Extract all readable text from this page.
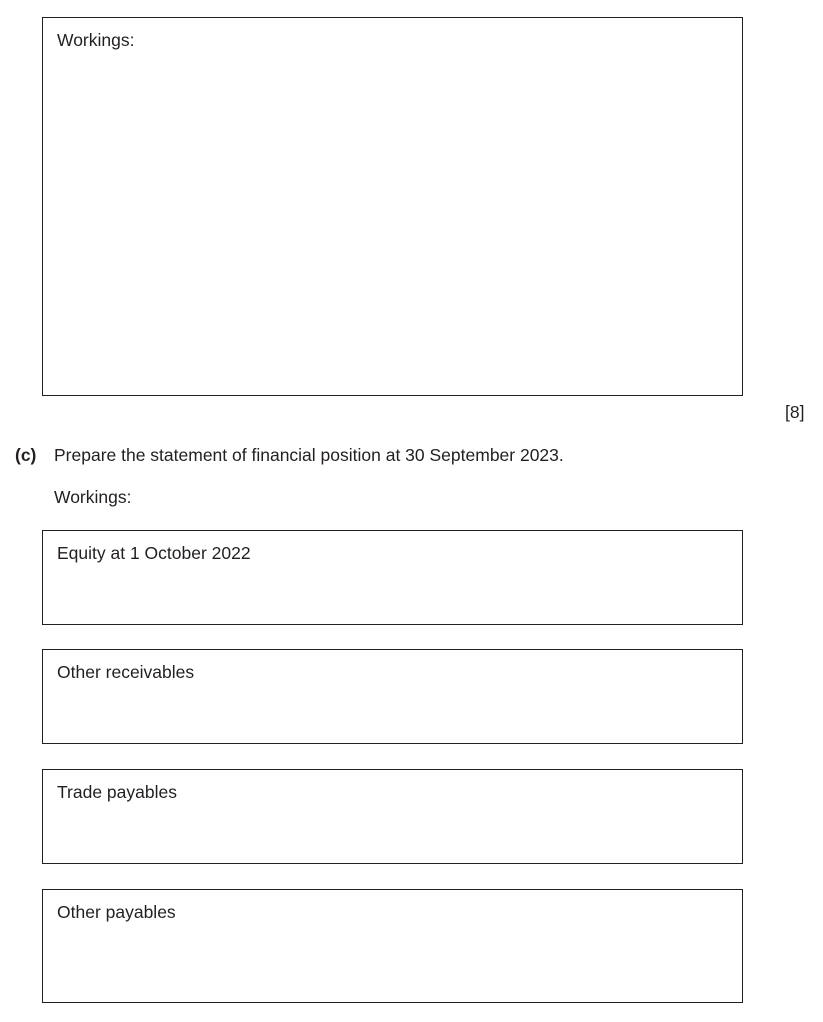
Workings:
[8]
(c) Prepare the statement of financial position at 30 September 2023.
Workings:
Equity at 1 October 2022
Other receivables
Trade payables
Other payables
